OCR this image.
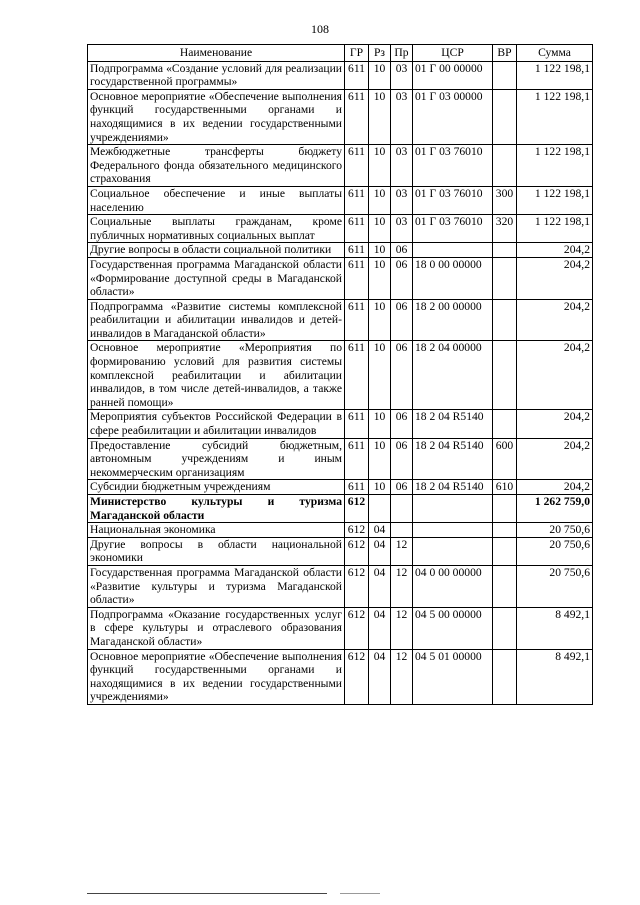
108
Наименование	ГР	Рз	Пр	ЦСР	ВР	Сумма
Подпрограмма «Создание условий для реализации государственной программы»	611	10	03	01 Г 00 00000		1 122 198,1
Основное мероприятие «Обеспечение выполнения функций государственными органами и находящимися в их ведении государственными учреждениями»	611	10	03	01 Г 03 00000		1 122 198,1
Межбюджетные трансферты бюджету Федерального фонда обязательного медицинского страхования	611	10	03	01 Г 03 76010		1 122 198,1
Социальное обеспечение и иные выплаты населению	611	10	03	01 Г 03 76010	300	1 122 198,1
Социальные выплаты гражданам, кроме публичных нормативных социальных выплат	611	10	03	01 Г 03 76010	320	1 122 198,1
Другие вопросы в области социальной политики	611	10	06			204,2
Государственная программа Магаданской области «Формирование доступной среды в Магаданской области»	611	10	06	18 0 00 00000		204,2
Подпрограмма «Развитие системы комплексной реабилитации и абилитации инвалидов и детей-инвалидов в Магаданской области»	611	10	06	18 2 00 00000		204,2
Основное мероприятие «Мероприятия по формированию условий для развития системы комплексной реабилитации и абилитации инвалидов, в том числе детей-инвалидов, а также ранней помощи»	611	10	06	18 2 04 00000		204,2
Мероприятия субъектов Российской Федерации в сфере реабилитации и абилитации инвалидов	611	10	06	18 2 04 R5140		204,2
Предоставление субсидий бюджетным, автономным учреждениям и иным некоммерческим организациям	611	10	06	18 2 04 R5140	600	204,2
Субсидии бюджетным учреждениям	611	10	06	18 2 04 R5140	610	204,2
Министерство культуры и туризма Магаданской области	612					1 262 759,0
Национальная экономика	612	04				20 750,6
Другие вопросы в области национальной экономики	612	04	12			20 750,6
Государственная программа Магаданской области «Развитие культуры и туризма Магаданской области»	612	04	12	04 0 00 00000		20 750,6
Подпрограмма «Оказание государственных услуг в сфере культуры и отраслевого образования Магаданской области»	612	04	12	04 5 00 00000		8 492,1
Основное мероприятие «Обеспечение выполнения функций государственными органами и находящимися в их ведении государственными учреждениями»	612	04	12	04 5 01 00000		8 492,1
